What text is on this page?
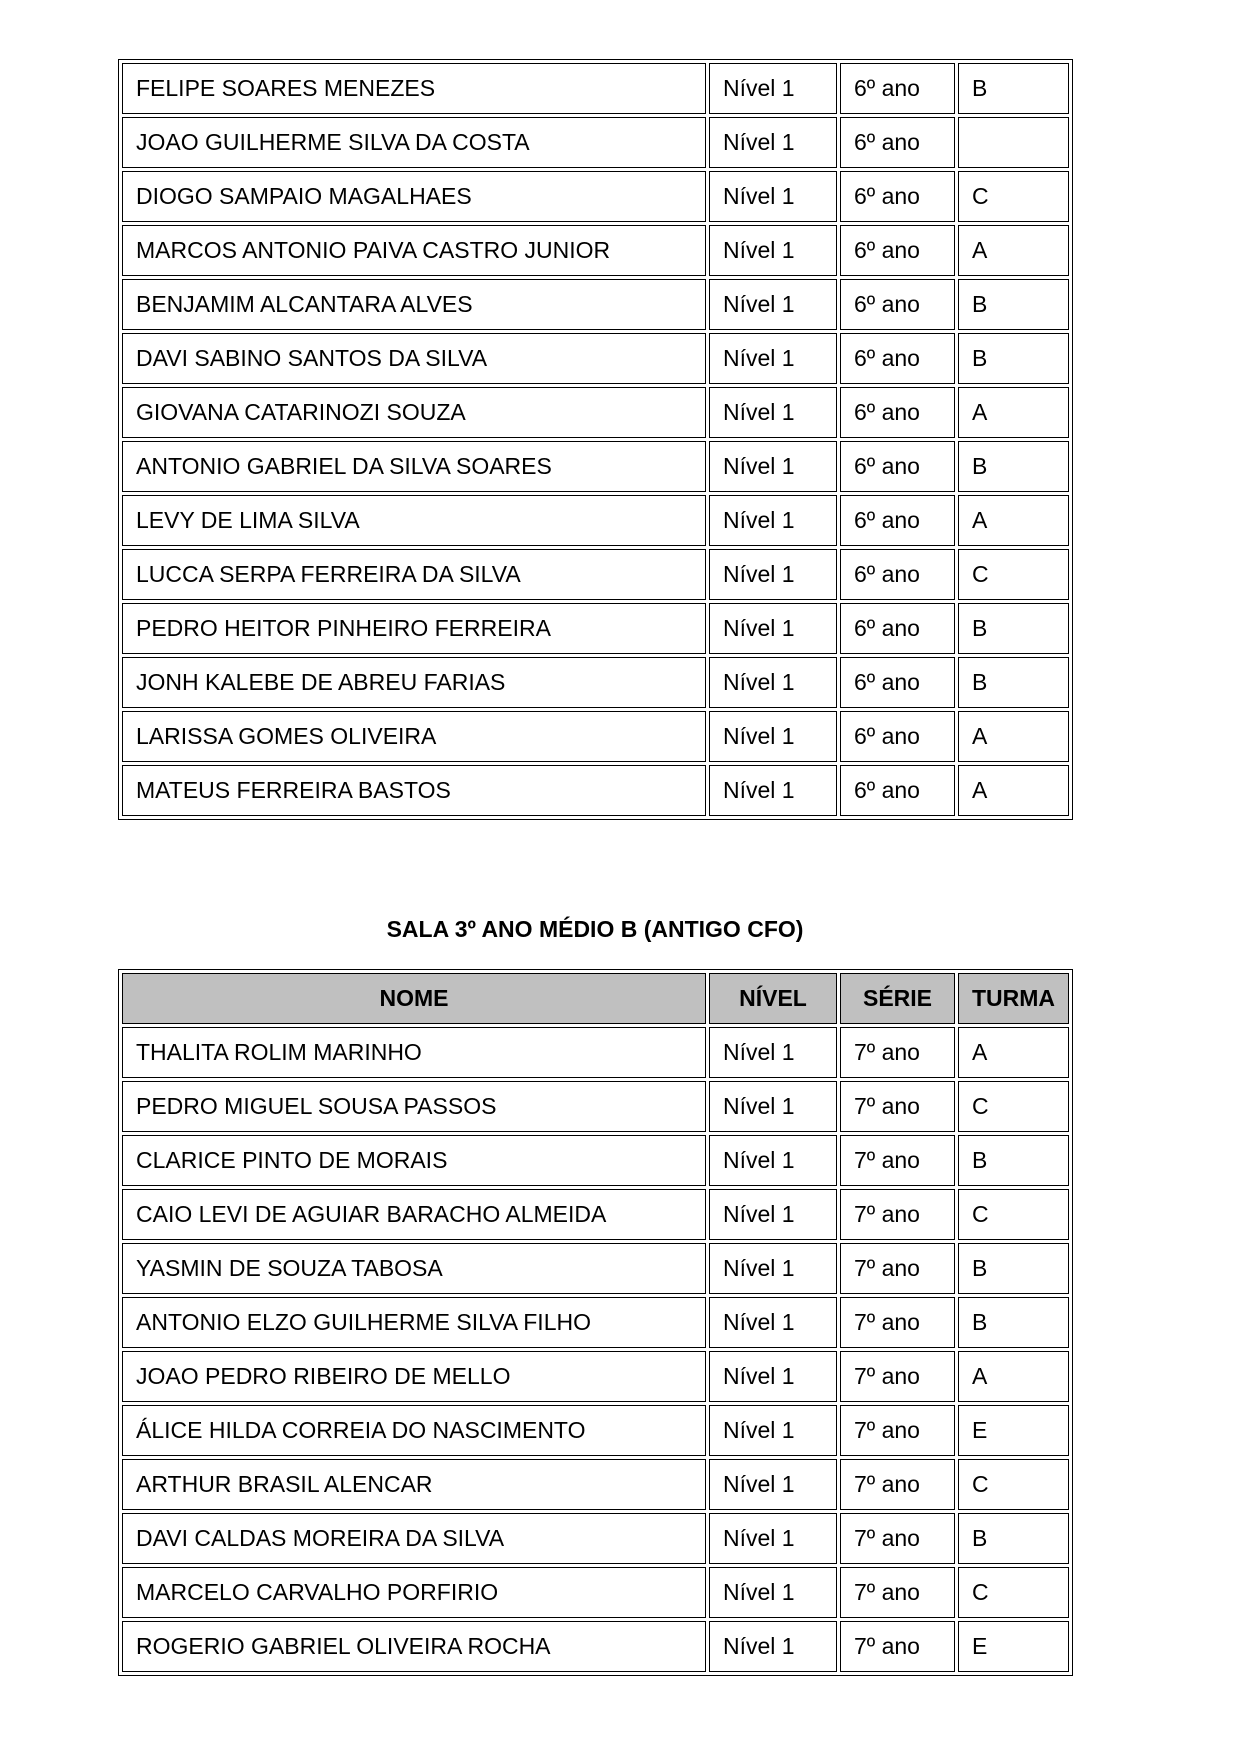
FELIPE SOARES MENEZES	Nível 1	6º ano	B
JOAO GUILHERME SILVA DA COSTA	Nível 1	6º ano	
DIOGO SAMPAIO MAGALHAES	Nível 1	6º ano	C
MARCOS ANTONIO PAIVA CASTRO JUNIOR	Nível 1	6º ano	A
BENJAMIM ALCANTARA ALVES	Nível 1	6º ano	B
DAVI SABINO SANTOS DA SILVA	Nível 1	6º ano	B
GIOVANA CATARINOZI SOUZA	Nível 1	6º ano	A
ANTONIO GABRIEL DA SILVA SOARES	Nível 1	6º ano	B
LEVY DE LIMA SILVA	Nível 1	6º ano	A
LUCCA SERPA FERREIRA DA SILVA	Nível 1	6º ano	C
PEDRO HEITOR PINHEIRO FERREIRA	Nível 1	6º ano	B
JONH KALEBE DE ABREU FARIAS	Nível 1	6º ano	B
LARISSA GOMES OLIVEIRA	Nível 1	6º ano	A
MATEUS FERREIRA BASTOS	Nível 1	6º ano	A
SALA 3º ANO MÉDIO B (ANTIGO CFO)
NOME	NÍVEL	SÉRIE	TURMA
THALITA ROLIM MARINHO	Nível 1	7º ano	A
PEDRO MIGUEL SOUSA PASSOS	Nível 1	7º ano	C
CLARICE PINTO DE MORAIS	Nível 1	7º ano	B
CAIO LEVI DE AGUIAR BARACHO ALMEIDA	Nível 1	7º ano	C
YASMIN DE SOUZA TABOSA	Nível 1	7º ano	B
ANTONIO ELZO GUILHERME SILVA FILHO	Nível 1	7º ano	B
JOAO PEDRO RIBEIRO DE MELLO	Nível 1	7º ano	A
ÁLICE HILDA CORREIA DO NASCIMENTO	Nível 1	7º ano	E
ARTHUR BRASIL ALENCAR	Nível 1	7º ano	C
DAVI CALDAS MOREIRA DA SILVA	Nível 1	7º ano	B
MARCELO CARVALHO PORFIRIO	Nível 1	7º ano	C
ROGERIO GABRIEL OLIVEIRA ROCHA	Nível 1	7º ano	E
